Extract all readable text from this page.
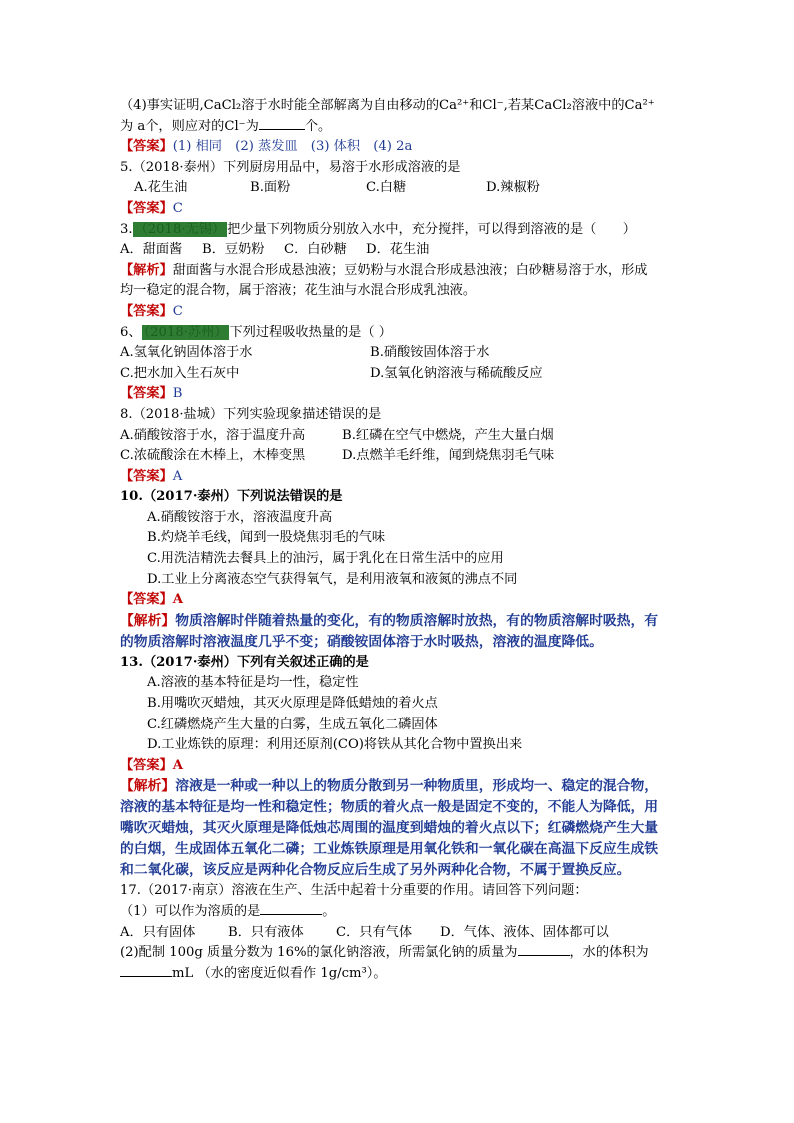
（4)事实证明,CaCl₂溶于水时能全部解离为自由移动的Ca²⁺和Cl⁻,若某CaCl₂溶液中的Ca²⁺
为 a个，则应对的Cl⁻为	个。
【答案】(1) 相同　(2) 蒸发皿　(3) 体积　(4) 2a
5.（2018·泰州）下列厨房用品中，易溶于水形成溶液的是
A.花生油	B.面粉	C.白糖	D.辣椒粉
【答案】C
3. （2018·无锡） 把少量下列物质分别放入水中，充分搅拌，可以得到溶液的是（　　）
A．甜面酱 B．豆奶粉 C．白砂糖 D．花生油
【解析】甜面酱与水混合形成悬浊液；豆奶粉与水混合形成悬浊液；白砂糖易溶于水，形成
均一稳定的混合物，属于溶液；花生油与水混合形成乳浊液。
【答案】C
6、 （2018·苏州） 下列过程吸收热量的是（ ）
A.氢氧化钠固体溶于水	B.硝酸铵固体溶于水
C.把水加入生石灰中	D.氢氧化钠溶液与稀硫酸反应
【答案】B
8.（2018·盐城）下列实验现象描述错误的是
A.硝酸铵溶于水，溶于温度升高	B.红磷在空气中燃烧，产生大量白烟
C.浓硫酸涂在木棒上，木棒变黑	D.点燃羊毛纤维，闻到烧焦羽毛气味
【答案】A
10.（2017·泰州）下列说法错误的是
A.硝酸铵溶于水，溶液温度升高
B.灼烧羊毛线，闻到一股烧焦羽毛的气味
C.用洗洁精洗去餐具上的油污，属于乳化在日常生活中的应用
D.工业上分离液态空气获得氧气，是利用液氧和液氮的沸点不同
【答案】A
【解析】物质溶解时伴随着热量的变化，有的物质溶解时放热，有的物质溶解时吸热，有
的物质溶解时溶液温度几乎不变；硝酸铵固体溶于水时吸热，溶液的温度降低。
13.（2017·泰州）下列有关叙述正确的是
A.溶液的基本特征是均一性，稳定性
B.用嘴吹灭蜡烛，其灭火原理是降低蜡烛的着火点
C.红磷燃烧产生大量的白雾，生成五氧化二磷固体
D.工业炼铁的原理：利用还原剂(CO)将铁从其化合物中置换出来
【答案】A
【解析】溶液是一种或一种以上的物质分散到另一种物质里，形成均一、稳定的混合物，
溶液的基本特征是均一性和稳定性；物质的着火点一般是固定不变的，不能人为降低，用
嘴吹灭蜡烛，其灭火原理是降低烛芯周围的温度到蜡烛的着火点以下；红磷燃烧产生大量
的白烟，生成固体五氧化二磷；工业炼铁原理是用氧化铁和一氧化碳在高温下反应生成铁
和二氧化碳，该反应是两种化合物反应后生成了另外两种化合物，不属于置换反应。
17.（2017·南京）溶液在生产、生活中起着十分重要的作用。请回答下列问题：
（1）可以作为溶质的是	。
A．只有固体 B．只有液体 C．只有气体 D．气体、液体、固体都可以
(2)配制 100g 质量分数为 16%的氯化钠溶液，所需氯化钠的质量为	，水的体积为
mL （水的密度近似看作 1g/cm³）。
